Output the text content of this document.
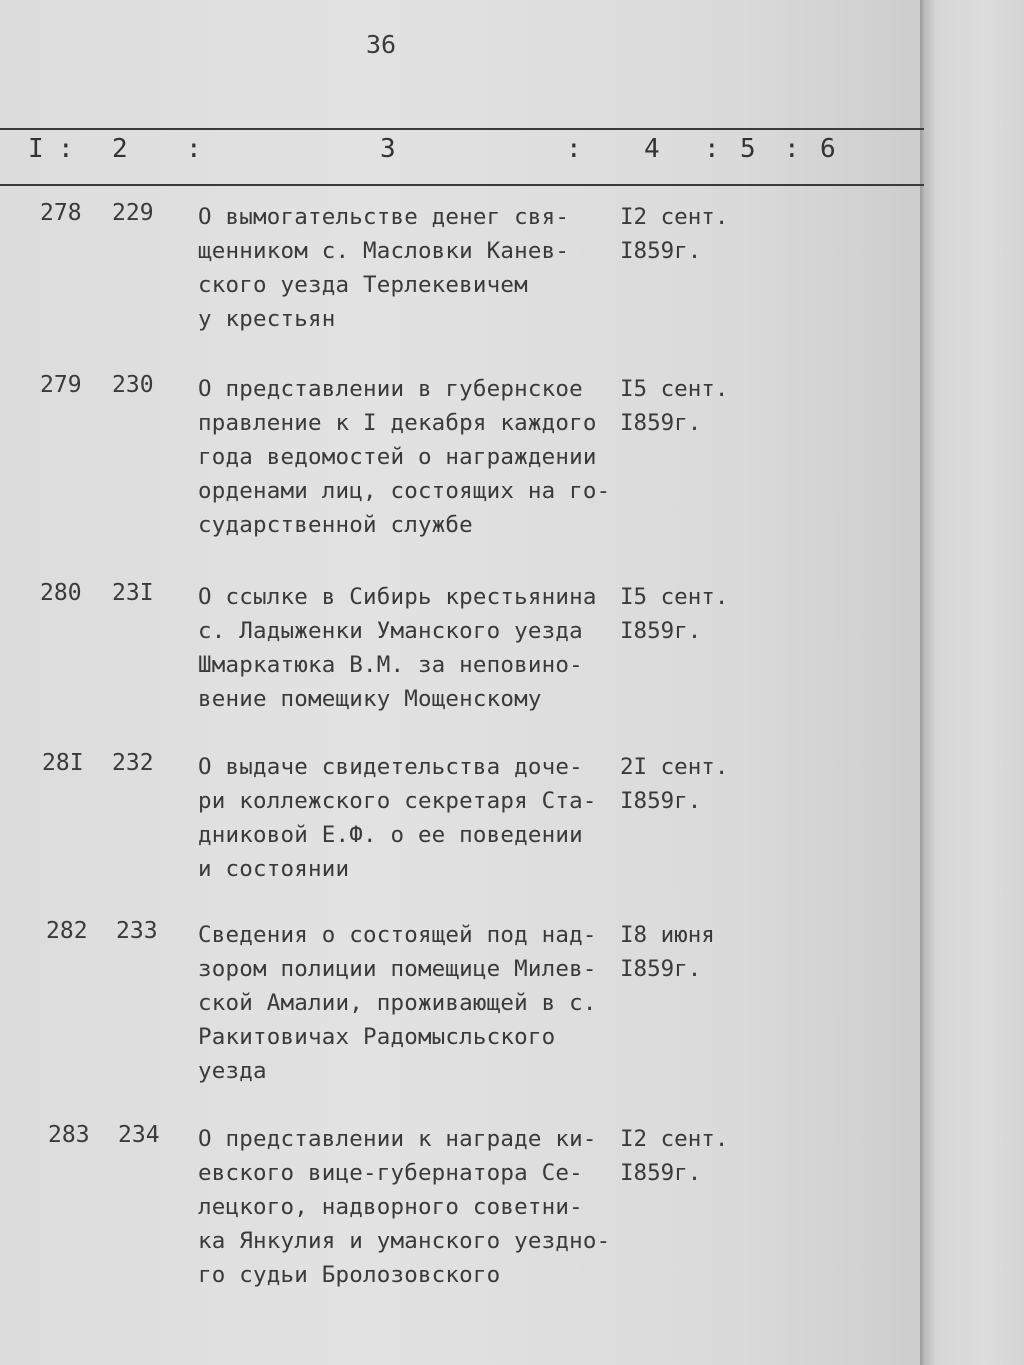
36
I : 2 :	3	: 4 : 5 : 6
278 229 О вымогательстве денег свя-
щенником с. Масловки Канев-
ского уезда Терлекевичем
у крестьян
I2 сент.
I859г.
279 230 О представлении в губернское
правление к I декабря каждого
года ведомостей о награждении
орденами лиц, состоящих на го-
сударственной службе
I5 сент.
I859г.
280 23I О ссылке в Сибирь крестьянина
с. Ладыженки Уманского уезда
Шмаркатюка В.М. за неповино-
вение помещику Мощенскому
I5 сент.
I859г.
28I 232 О выдаче свидетельства доче-
ри коллежского секретаря Ста-
дниковой Е.Ф. о ее поведении
и состоянии
2I сент.
I859г.
282 233 Сведения о состоящей под над-
зором полиции помещице Милев-
ской Амалии, проживающей в с.
Ракитовичах Радомысльского
уезда
I8 июня
I859г.
283 234 О представлении к награде ки-
евского вице-губернатора Се-
лецкого, надворного советни-
ка Янкулия и уманского уездно-
го судьи Бролозовского
I2 сент.
I859г.
